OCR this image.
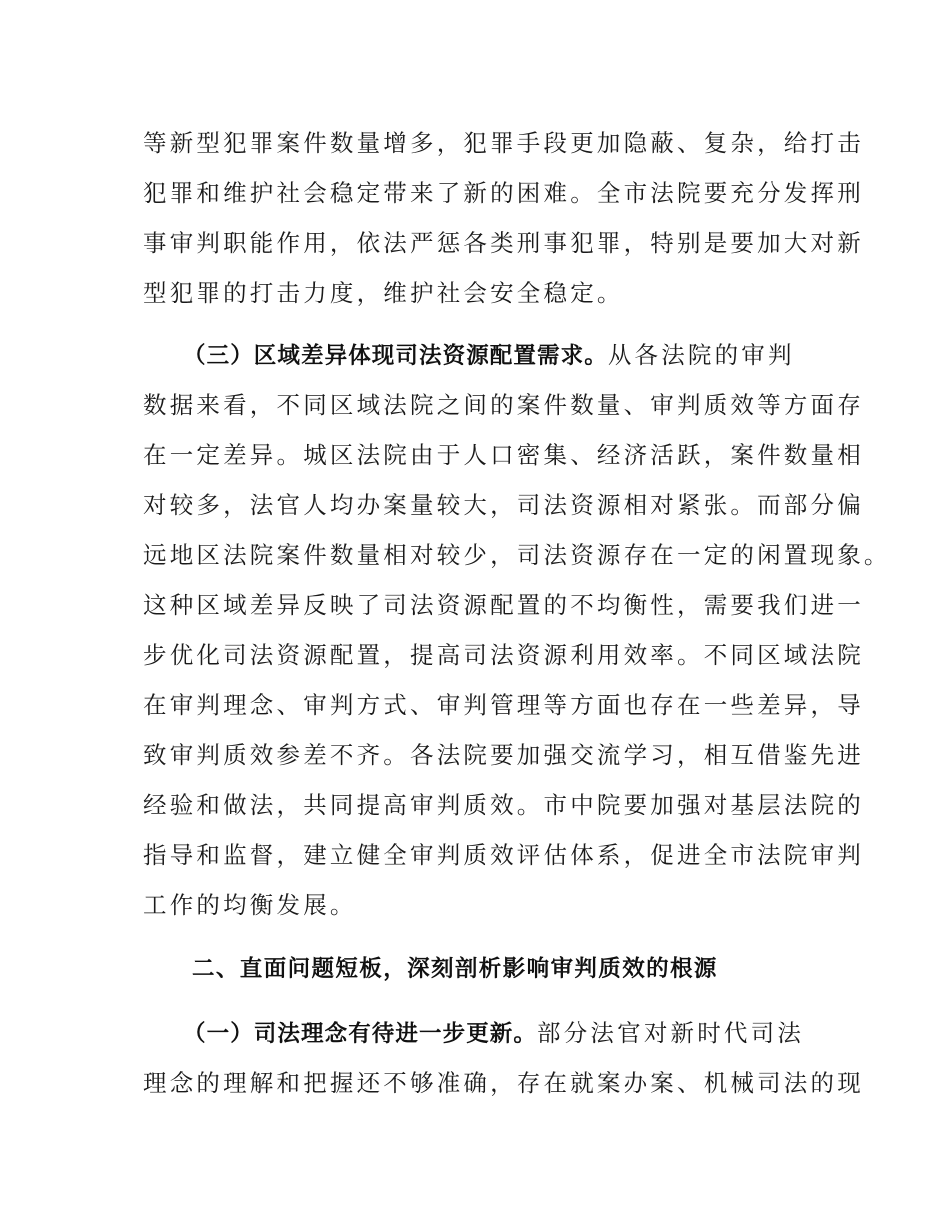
等新型犯罪案件数量增多，犯罪手段更加隐蔽、复杂，给打击
犯罪和维护社会稳定带来了新的困难。全市法院要充分发挥刑
事审判职能作用，依法严惩各类刑事犯罪，特别是要加大对新
型犯罪的打击力度，维护社会安全稳定。
（三）区域差异体现司法资源配置需求。从各法院的审判
数据来看，不同区域法院之间的案件数量、审判质效等方面存
在一定差异。城区法院由于人口密集、经济活跃，案件数量相
对较多，法官人均办案量较大，司法资源相对紧张。而部分偏
远地区法院案件数量相对较少，司法资源存在一定的闲置现象。
这种区域差异反映了司法资源配置的不均衡性，需要我们进一
步优化司法资源配置，提高司法资源利用效率。不同区域法院
在审判理念、审判方式、审判管理等方面也存在一些差异，导
致审判质效参差不齐。各法院要加强交流学习，相互借鉴先进
经验和做法，共同提高审判质效。市中院要加强对基层法院的
指导和监督，建立健全审判质效评估体系，促进全市法院审判
工作的均衡发展。
二、直面问题短板，深刻剖析影响审判质效的根源
（一）司法理念有待进一步更新。部分法官对新时代司法
理念的理解和把握还不够准确，存在就案办案、机械司法的现
